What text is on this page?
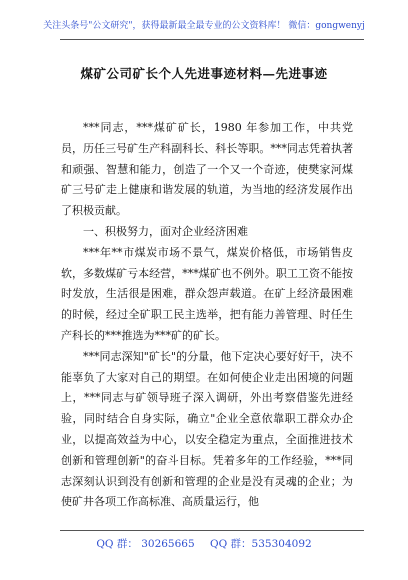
关注头条号"公文研究"，获得最新最全最专业的公文资料库！ 微信：gongwenyj
煤矿公司矿长个人先进事迹材料—先进事迹

***同志，***煤矿矿长，1980 年参加工作，中共党员，历任三号矿生产科副科长、科长等职。***同志凭着执著和顽强、智慧和能力，创造了一个又一个奇迹，使樊家河煤矿三号矿走上健康和谐发展的轨道，为当地的经济发展作出了积极贡献。

一、积极努力，面对企业经济困难

***年**市煤炭市场不景气，煤炭价格低，市场销售皮软，多数煤矿亏本经营，***煤矿也不例外。职工工资不能按时发放，生活很是困难，群众怨声载道。在矿上经济最困难的时候，经过全矿职工民主选举，把有能力善管理、时任生产科长的***推选为***矿的矿长。

***同志深知"矿长"的分量，他下定决心要好好干，决不能辜负了大家对自己的期望。在如何使企业走出困境的问题上，***同志与矿领导班子深入调研，外出考察借鉴先进经验，同时结合自身实际，确立"企业全意依靠职工群众办企业，以提高效益为中心，以安全稳定为重点，全面推进技术创新和管理创新"的奋斗目标。凭着多年的工作经验，***同志深刻认识到没有创新和管理的企业是没有灵魂的企业；为使矿井各项工作高标准、高质量运行，他

QQ 群： 30265665 QQ 群：535304092
